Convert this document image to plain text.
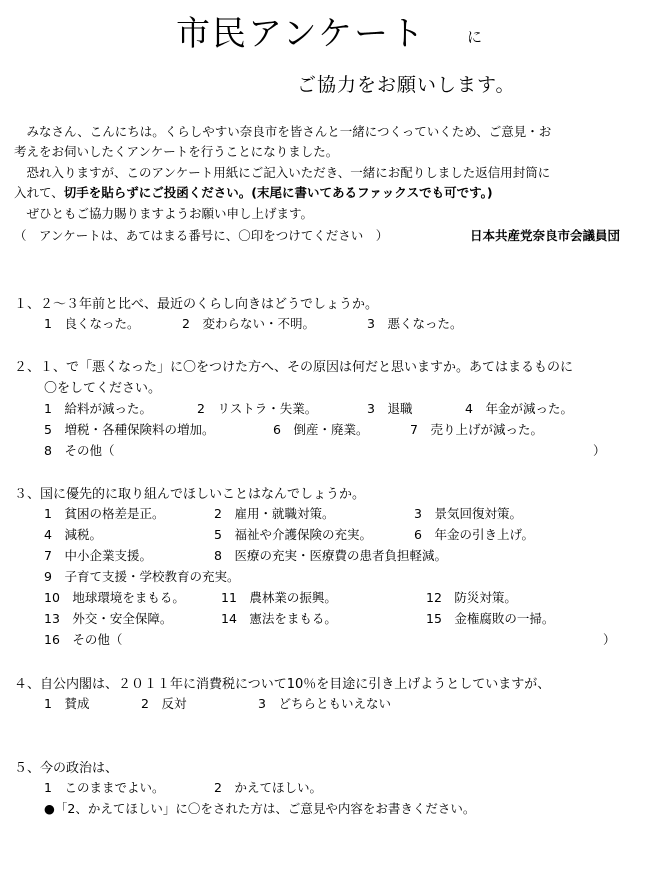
市民アンケート	に
ご協力をお願いします。
　みなさん、こんにちは。くらしやすい奈良市を皆さんと一緒につくっていくため、ご意見・お
考えをお伺いしたくアンケートを行うことになりました。
　恐れ入りますが、このアンケート用紙にご記入いただき、一緒にお配りしました返信用封筒に
入れて、切手を貼らずにご投函ください。(末尾に書いてあるファックスでも可です。)
　ぜひともご協力賜りますようお願い申し上げます。
（　アンケートは、あてはまる番号に、〇印をつけてください　）	日本共産党奈良市会議員団
１、２～３年前と比べ、最近のくらし向きはどうでしょうか。
1　良くなった。	2　変わらない・不明。	3　悪くなった。
２、１、で「悪くなった」に〇をつけた方へ、その原因は何だと思いますか。あてはまるものに
〇をしてください。
1　給料が減った。	2　リストラ・失業。	3　退職	4　年金が減った。
5　増税・各種保険料の増加。	6　倒産・廃業。	7　売り上げが減った。
8　その他（	）
３、国に優先的に取り組んでほしいことはなんでしょうか。
1　貧困の格差是正。	2　雇用・就職対策。	3　景気回復対策。
4　減税。	5　福祉や介護保険の充実。	6　年金の引き上げ。
7　中小企業支援。	8　医療の充実・医療費の患者負担軽減。
9　子育て支援・学校教育の充実。
10　地球環境をまもる。	11　農林業の振興。	12　防災対策。
13　外交・安全保障。	14　憲法をまもる。	15　金権腐敗の一掃。
16　その他（	）
４、自公内閣は、２０１１年に消費税について10％を目途に引き上げようとしていますが、
1　賛成	2　反対	3　どちらともいえない
５、今の政治は、
1　このままでよい。	2　かえてほしい。
●「2、かえてほしい」に〇をされた方は、ご意見や内容をお書きください。
